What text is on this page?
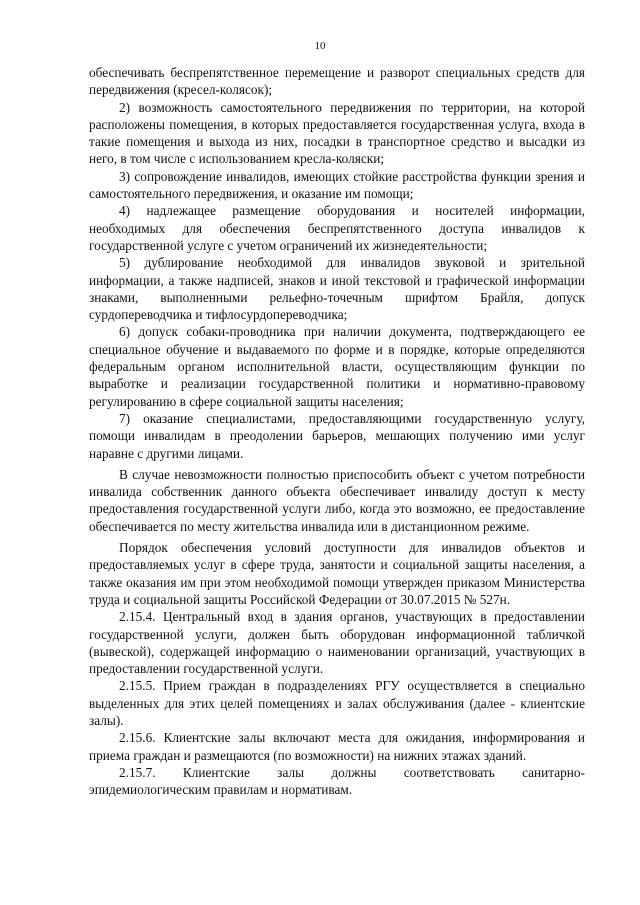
10

обеспечивать беспрепятственное перемещение и разворот специальных средств для передвижения (кресел-колясок);

2) возможность самостоятельного передвижения по территории, на которой расположены помещения, в которых предоставляется государственная услуга, входа в такие помещения и выхода из них, посадки в транспортное средство и высадки из него, в том числе с использованием кресла-коляски;

3) сопровождение инвалидов, имеющих стойкие расстройства функции зрения и самостоятельного передвижения, и оказание им помощи;

4) надлежащее размещение оборудования и носителей информации, необходимых для обеспечения беспрепятственного доступа инвалидов к государственной услуге с учетом ограничений их жизнедеятельности;

5) дублирование необходимой для инвалидов звуковой и зрительной информации, а также надписей, знаков и иной текстовой и графической информации знаками, выполненными рельефно-точечным шрифтом Брайля, допуск сурдопереводчика и тифлосурдопереводчика;

6) допуск собаки-проводника при наличии документа, подтверждающего ее специальное обучение и выдаваемого по форме и в порядке, которые определяются федеральным органом исполнительной власти, осуществляющим функции по выработке и реализации государственной политики и нормативно-правовому регулированию в сфере социальной защиты населения;

7) оказание специалистами, предоставляющими государственную услугу, помощи инвалидам в преодолении барьеров, мешающих получению ими услуг наравне с другими лицами.

В случае невозможности полностью приспособить объект с учетом потребности инвалида собственник данного объекта обеспечивает инвалиду доступ к месту предоставления государственной услуги либо, когда это возможно, ее предоставление обеспечивается по месту жительства инвалида или в дистанционном режиме.

Порядок обеспечения условий доступности для инвалидов объектов и предоставляемых услуг в сфере труда, занятости и социальной защиты населения, а также оказания им при этом необходимой помощи утвержден приказом Министерства труда и социальной защиты Российской Федерации от 30.07.2015 № 527н.

2.15.4. Центральный вход в здания органов, участвующих в предоставлении государственной услуги, должен быть оборудован информационной табличкой (вывеской), содержащей информацию о наименовании организаций, участвующих в предоставлении государственной услуги.

2.15.5. Прием граждан в подразделениях РГУ осуществляется в специально выделенных для этих целей помещениях и залах обслуживания (далее - клиентские залы).

2.15.6. Клиентские залы включают места для ожидания, информирования и приема граждан и размещаются (по возможности) на нижних этажах зданий.

2.15.7. Клиентские залы должны соответствовать санитарно-эпидемиологическим правилам и нормативам.
